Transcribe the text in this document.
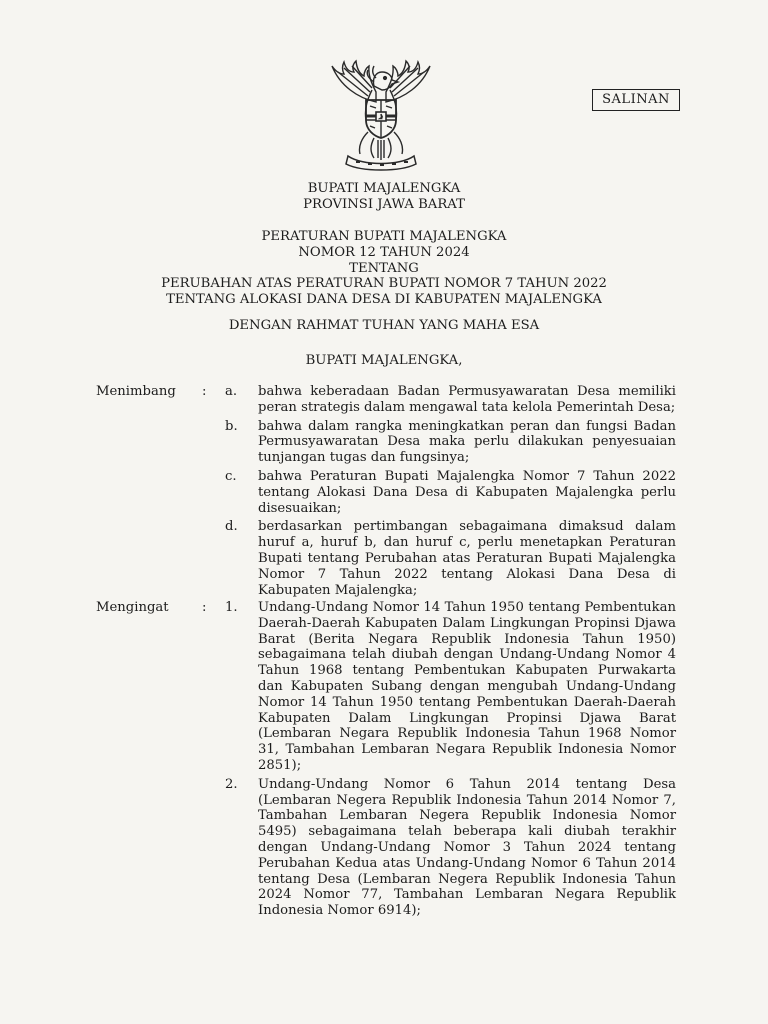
SALINAN
BUPATI MAJALENGKA
PROVINSI JAWA BARAT
PERATURAN BUPATI MAJALENGKA
NOMOR 12 TAHUN 2024
TENTANG
PERUBAHAN ATAS PERATURAN BUPATI NOMOR 7 TAHUN 2022
TENTANG ALOKASI DANA DESA DI KABUPATEN MAJALENGKA
DENGAN RAHMAT TUHAN YANG MAHA ESA
BUPATI MAJALENGKA,
Menimbang : a. bahwa keberadaan Badan Permusyawaratan Desa memiliki peran strategis dalam mengawal tata kelola Pemerintah Desa;
b. bahwa dalam rangka meningkatkan peran dan fungsi Badan Permusyawaratan Desa maka perlu dilakukan penyesuaian tunjangan tugas dan fungsinya;
c. bahwa Peraturan Bupati Majalengka Nomor 7 Tahun 2022 tentang Alokasi Dana Desa di Kabupaten Majalengka perlu disesuaikan;
d. berdasarkan pertimbangan sebagaimana dimaksud dalam huruf a, huruf b, dan huruf c, perlu menetapkan Peraturan Bupati tentang Perubahan atas Peraturan Bupati Majalengka Nomor 7 Tahun 2022 tentang Alokasi Dana Desa di Kabupaten Majalengka;
Mengingat	: 1. Undang-Undang Nomor 14 Tahun 1950 tentang Pembentukan Daerah-Daerah Kabupaten Dalam Lingkungan Propinsi Djawa Barat (Berita Negara Republik Indonesia Tahun 1950) sebagaimana telah diubah dengan Undang-Undang Nomor 4 Tahun 1968 tentang Pembentukan Kabupaten Purwakarta dan Kabupaten Subang dengan mengubah Undang-Undang Nomor 14 Tahun 1950 tentang Pembentukan Daerah-Daerah Kabupaten Dalam Lingkungan Propinsi Djawa Barat (Lembaran Negara Republik Indonesia Tahun 1968 Nomor 31, Tambahan Lembaran Negara Republik Indonesia Nomor 2851);
2. Undang-Undang Nomor 6 Tahun 2014 tentang Desa (Lembaran Negera Republik Indonesia Tahun 2014 Nomor 7, Tambahan Lembaran Negera Republik Indonesia Nomor 5495) sebagaimana telah beberapa kali diubah terakhir dengan Undang-Undang Nomor 3 Tahun 2024 tentang Perubahan Kedua atas Undang-Undang Nomor 6 Tahun 2014 tentang Desa (Lembaran Negera Republik Indonesia Tahun 2024 Nomor 77, Tambahan Lembaran Negara Republik Indonesia Nomor 6914);
